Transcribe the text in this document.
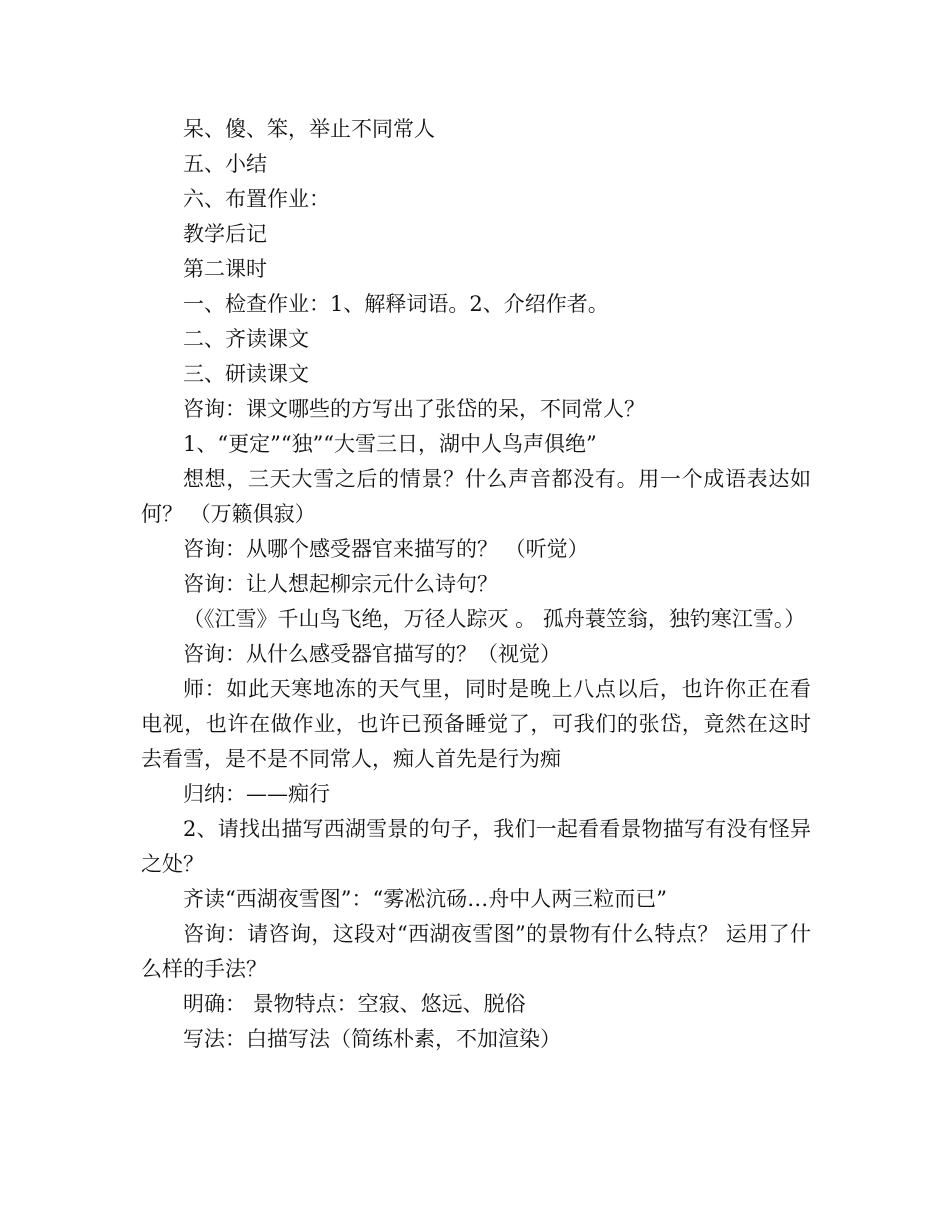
呆、傻、笨，举止不同常人

五、小结

六、布置作业：

教学后记

第二课时

一、检查作业：1、解释词语。2、介绍作者。

二、齐读课文

三、研读课文

咨询：课文哪些的方写出了张岱的呆，不同常人？

1、“更定”“独”“大雪三日，湖中人鸟声俱绝”

想想，三天大雪之后的情景？什么声音都没有。用一个成语表达如何？ （万籁俱寂）

咨询：从哪个感受器官来描写的？ （听觉）

咨询：让人想起柳宗元什么诗句？

（《江雪》千山鸟飞绝，万径人踪灭 。 孤舟蓑笠翁，独钓寒江雪。）

咨询：从什么感受器官描写的？（视觉）

师：如此天寒地冻的天气里，同时是晚上八点以后，也许你正在看电视，也许在做作业，也许已预备睡觉了，可我们的张岱，竟然在这时去看雪，是不是不同常人，痴人首先是行为痴

归纳：——痴行

2、请找出描写西湖雪景的句子，我们一起看看景物描写有没有怪异之处？

齐读“西湖夜雪图”：“雾凇沆砀…舟中人两三粒而已”

咨询：请咨询，这段对“西湖夜雪图”的景物有什么特点？ 运用了什么样的手法？

明确： 景物特点：空寂、悠远、脱俗

写法：白描写法（简练朴素，不加渲染）
